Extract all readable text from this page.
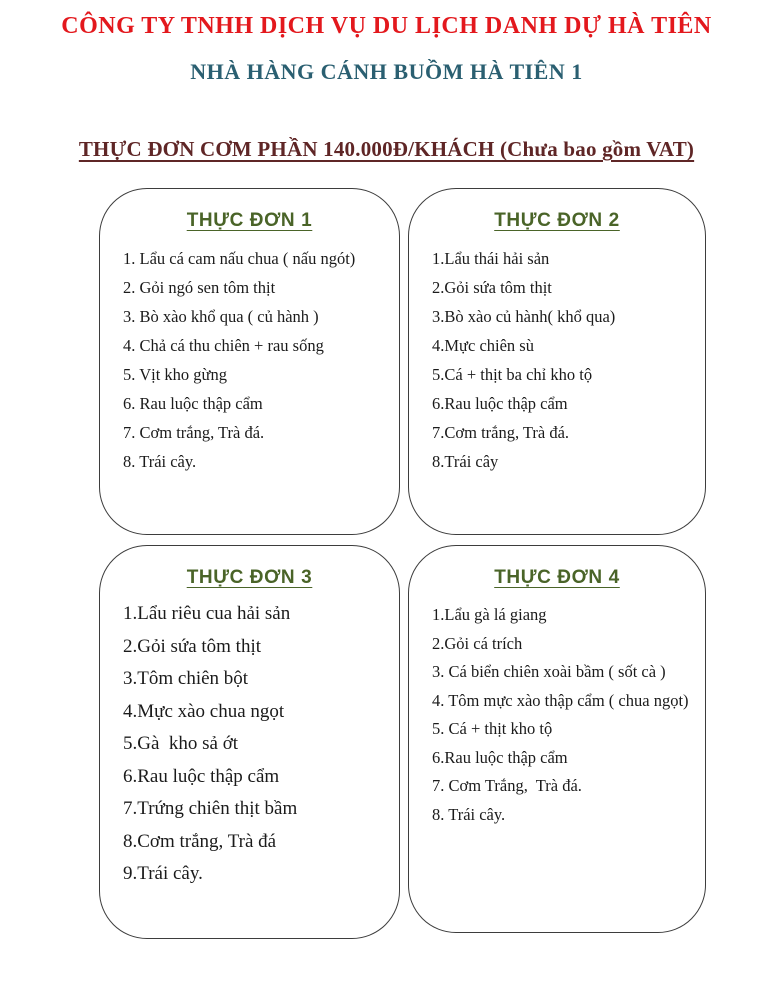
CÔNG TY TNHH DỊCH VỤ DU LỊCH DANH DỰ HÀ TIÊN
NHÀ HÀNG CÁNH BUỒM HÀ TIÊN 1
THỰC ĐƠN CƠM PHẦN 140.000Đ/KHÁCH (Chưa bao gồm VAT)
THỰC ĐƠN 1
1. Lẩu cá cam nấu chua ( nấu ngót)
2. Gỏi ngó sen tôm thịt
3. Bò xào khổ qua ( củ hành )
4. Chả cá thu chiên + rau sống
5. Vịt kho gừng
6. Rau luộc thập cẩm
7. Cơm trắng, Trà đá.
8. Trái cây.
THỰC ĐƠN 2
1.Lẩu thái hải sản
2.Gỏi sứa tôm thịt
3.Bò xào củ hành( khổ qua)
4.Mực chiên sù
5.Cá + thịt ba chỉ kho tộ
6.Rau luộc thập cẩm
7.Cơm trắng, Trà đá.
8.Trái cây
THỰC ĐƠN 3
1.Lẩu riêu cua hải sản
2.Gỏi sứa tôm thịt
3.Tôm chiên bột
4.Mực xào chua ngọt
5.Gà  kho sả ớt
6.Rau luộc thập cẩm
7.Trứng chiên thịt bầm
8.Cơm trắng, Trà đá
9.Trái cây.
THỰC ĐƠN 4
1.Lẩu gà lá giang
2.Gỏi cá trích
3. Cá biển chiên xoài bầm ( sốt cà )
4. Tôm mực xào thập cẩm ( chua ngọt)
5. Cá + thịt kho tộ
6.Rau luộc thập cẩm
7. Cơm Trắng,  Trà đá.
8. Trái cây.
